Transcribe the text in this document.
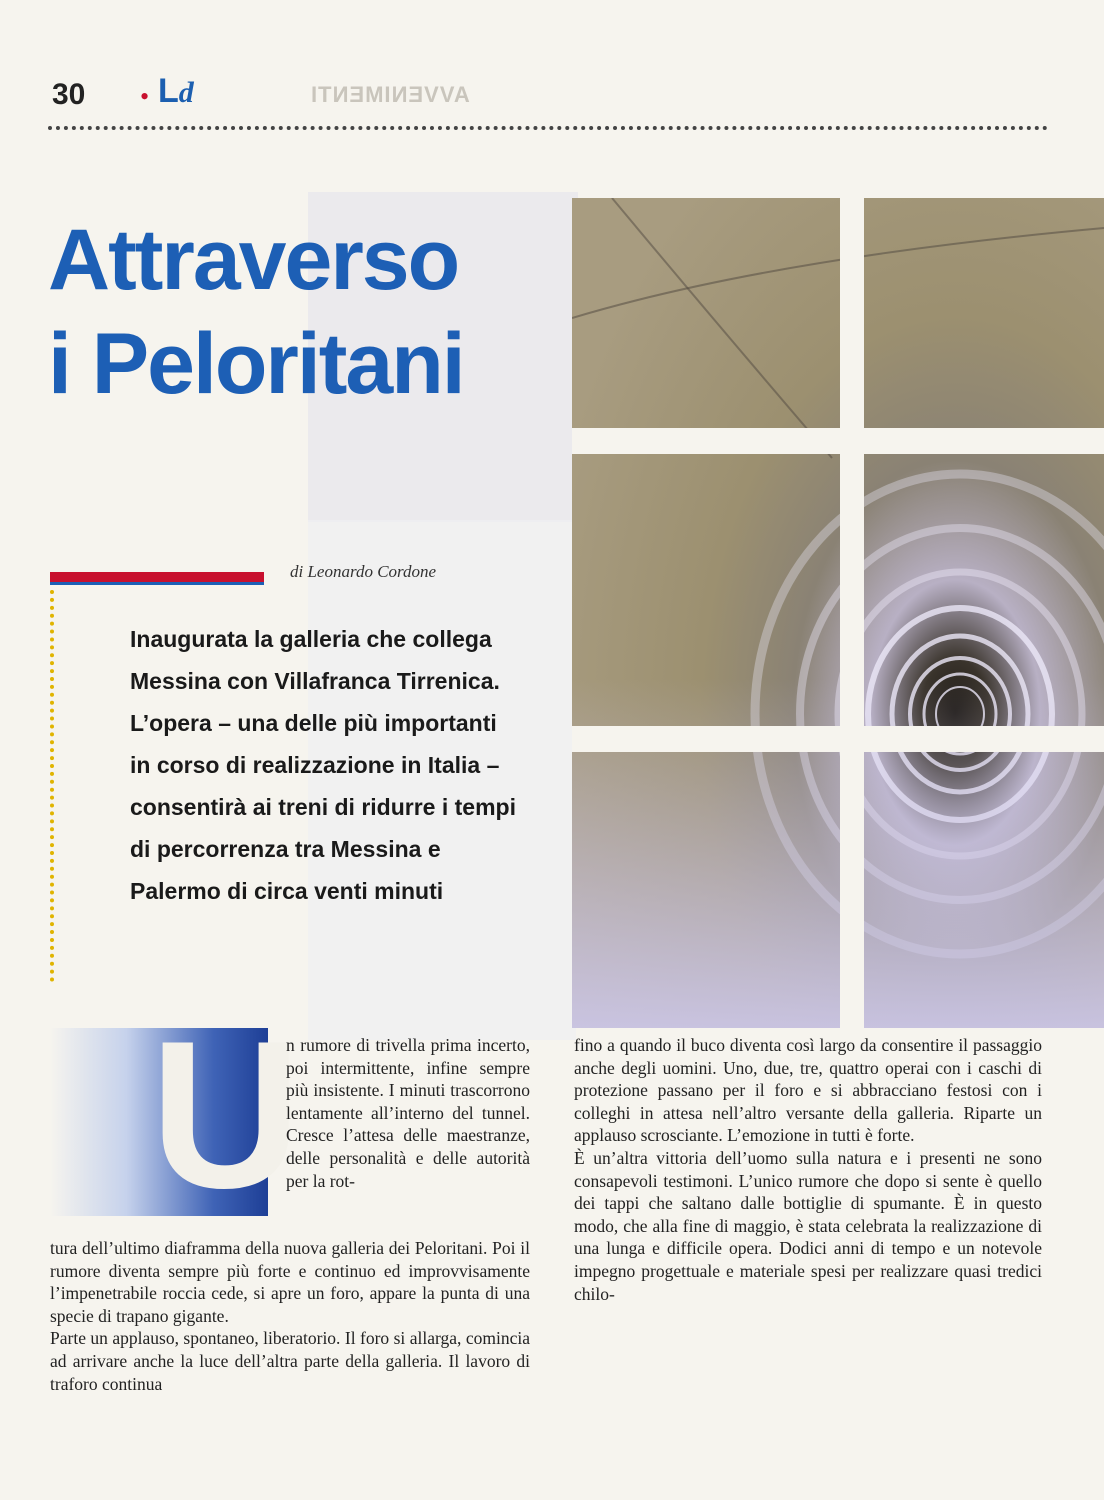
30 • Ld	AVVENIMENTI
Attraverso
i Peloritani
di Leonardo Cordone

Inaugurata la galleria che collega Messina con Villafranca Tirrenica. L’opera – una delle più importanti in corso di realizzazione in Italia – consentirà ai treni di ridurre i tempi di percorrenza tra Messina e Palermo di circa venti minuti

U

n rumore di trivella prima incerto, poi intermittente, infine sempre più insistente. I minuti trascorrono lentamente all’interno del tunnel. Cresce l’attesa delle maestranze, delle personalità e delle autorità per la rot-

tura dell’ultimo diaframma della nuova galleria dei Peloritani. Poi il rumore diventa sempre più forte e continuo ed improvvisamente l’impenetrabile roccia cede, si apre un foro, appare la punta di una specie di trapano gigante.
Parte un applauso, spontaneo, liberatorio. Il foro si allarga, comincia ad arrivare anche la luce dell’altra parte della galleria. Il lavoro di traforo continua

fino a quando il buco diventa così largo da consentire il passaggio anche degli uomini. Uno, due, tre, quattro operai con i caschi di protezione passano per il foro e si abbracciano festosi con i colleghi in attesa nell’altro versante della galleria. Riparte un applauso scrosciante. L’emozione in tutti è forte.
È un’altra vittoria dell’uomo sulla natura e i presenti ne sono consapevoli testimoni. L’unico rumore che dopo si sente è quello dei tappi che saltano dalle bottiglie di spumante. È in questo modo, che alla fine di maggio, è stata celebrata la realizzazione di una lunga e difficile opera. Dodici anni di tempo e un notevole impegno progettuale e materiale spesi per realizzare quasi tredici chilo-
